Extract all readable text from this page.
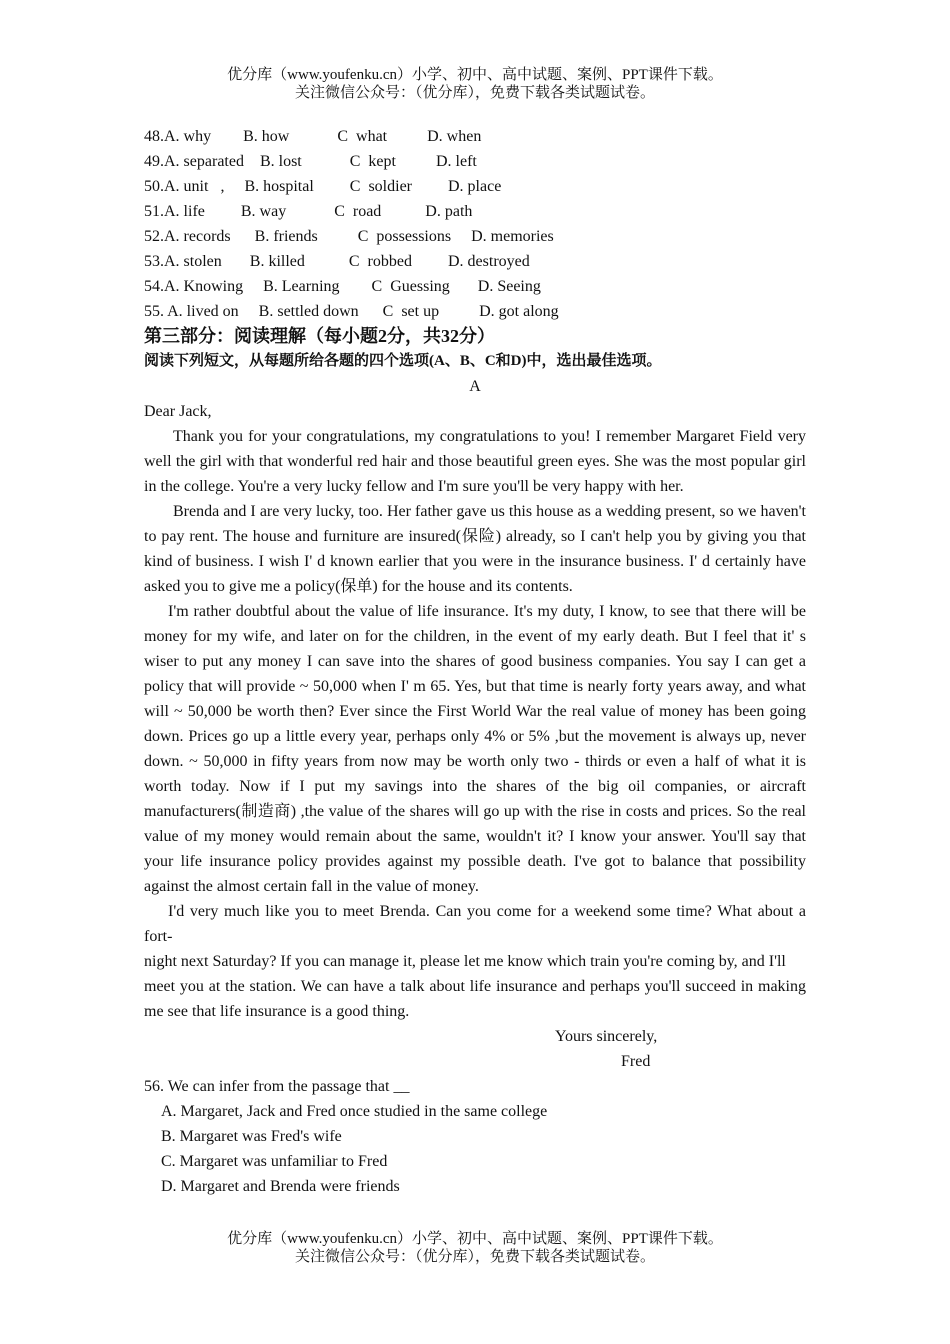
优分库（www.youfenku.cn）小学、初中、高中试题、案例、PPT课件下载。
关注微信公众号：（优分库），免费下载各类试题试卷。
48.A. why        B. how            C  what          D. when
49.A. separated    B. lost            C  kept          D. left
50.A. unit   ,     B. hospital         C  soldier         D. place
51.A. life         B. way            C  road           D. path
52.A. records      B. friends          C  possessions     D. memories
53.A. stolen       B. killed           C  robbed         D. destroyed
54.A. Knowing     B. Learning        C  Guessing       D. Seeing
55. A. lived on     B. settled down      C  set up          D. got along
第三部分：阅读理解（每小题2分，共32分）
阅读下列短文，从每题所给各题的四个选项(A、B、C和D)中，选出最佳选项。
A
Dear Jack,

Thank you for your congratulations, my congratulations to you! I remember Margaret Field very well the girl with that wonderful red hair and those beautiful green eyes. She was the most popular girl in the college. You're a very lucky fellow and I'm sure you'll be very happy with her.

Brenda and I are very lucky, too. Her father gave us this house as a wedding present, so we haven't to pay rent. The house and furniture are insured(保险) already, so I can't help you by giving you that kind of business. I wish I' d known earlier that you were in the insurance business. I' d certainly have asked you to give me a policy(保单) for the house and its contents.

I'm rather doubtful about the value of life insurance. It's my duty, I know, to see that there will be money for my wife, and later on for the children, in the event of my early death. But I feel that it' s wiser to put any money I can save into the shares of good business companies. You say I can get a policy that will provide ~ 50,000 when I' m 65. Yes, but that time is nearly forty years away, and what will ~ 50,000 be worth then? Ever since the First World War the real value of money has been going down. Prices go up a little every year, perhaps only 4% or 5% ,but the movement is always up, never down. ~ 50,000 in fifty years from now may be worth only two - thirds or even a half of what it is worth today. Now if I put my savings into the shares of the big oil companies, or aircraft manufacturers(制造商) ,the value of the shares will go up with the rise in costs and prices. So the real value of my money would remain about the same, wouldn't it? I know your answer. You'll say that your life insurance policy provides against my possible death. I've got to balance that possibility against the almost certain fall in the value of money.

I'd very much like you to meet Brenda. Can you come for a weekend some time? What about a fort-

night next Saturday? If you can manage it, please let me know which train you're coming by, and I'll

meet you at the station. We can have a talk about life insurance and perhaps you'll succeed in making me see that life insurance is a good thing.

Yours sincerely,
Fred
56. We can infer from the passage that __
A. Margaret, Jack and Fred once studied in the same college
B. Margaret was Fred's wife
C. Margaret was unfamiliar to Fred
D. Margaret and Brenda were friends
优分库（www.youfenku.cn）小学、初中、高中试题、案例、PPT课件下载。
关注微信公众号：（优分库），免费下载各类试题试卷。
